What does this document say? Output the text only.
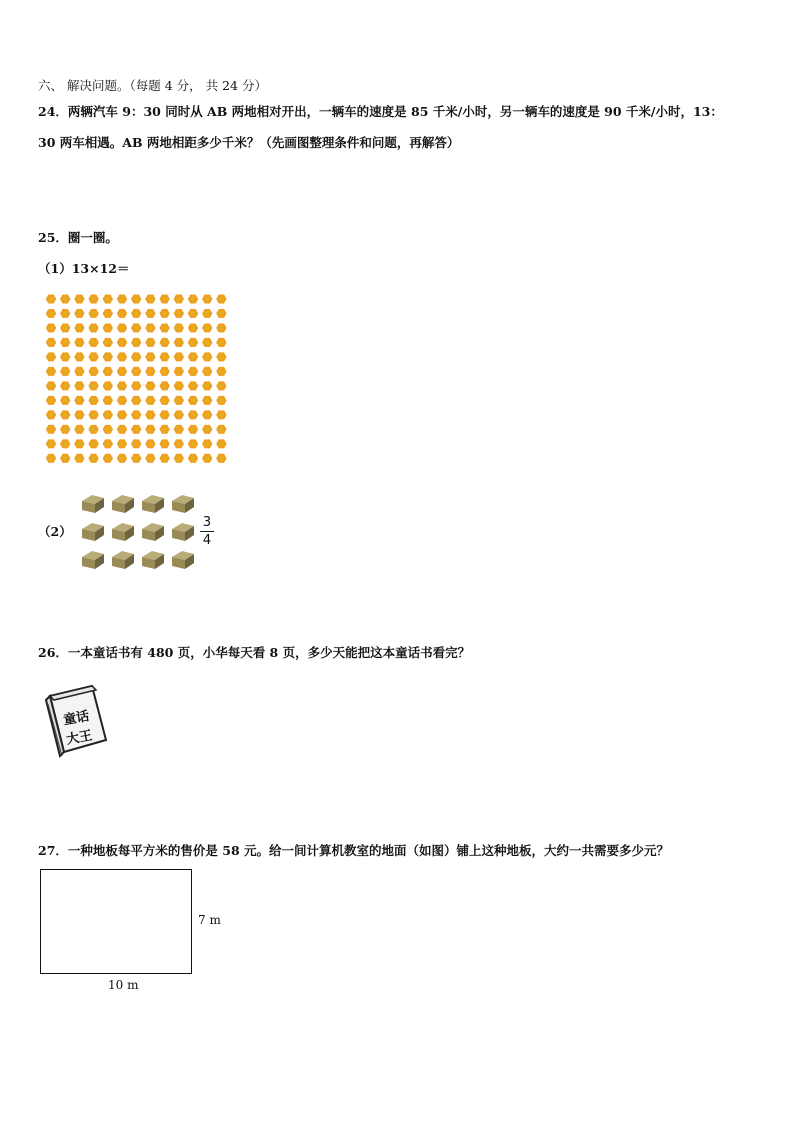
六、 解决问题。（每题 4 分， 共 24 分）
24．两辆汽车 9：30 同时从 AB 两地相对开出，一辆车的速度是 85 千米/小时，另一辆车的速度是 90 千米/小时，13：
30 两车相遇。AB 两地相距多少千米？（先画图整理条件和问题，再解答）
25．圈一圈。
（1）13×12＝
（2）
3
4
26．一本童话书有 480 页，小华每天看 8 页，多少天能把这本童话书看完？
童话
大王
27．一种地板每平方米的售价是 58 元。给一间计算机教室的地面（如图）铺上这种地板，大约一共需要多少元？
7 m
10 m
